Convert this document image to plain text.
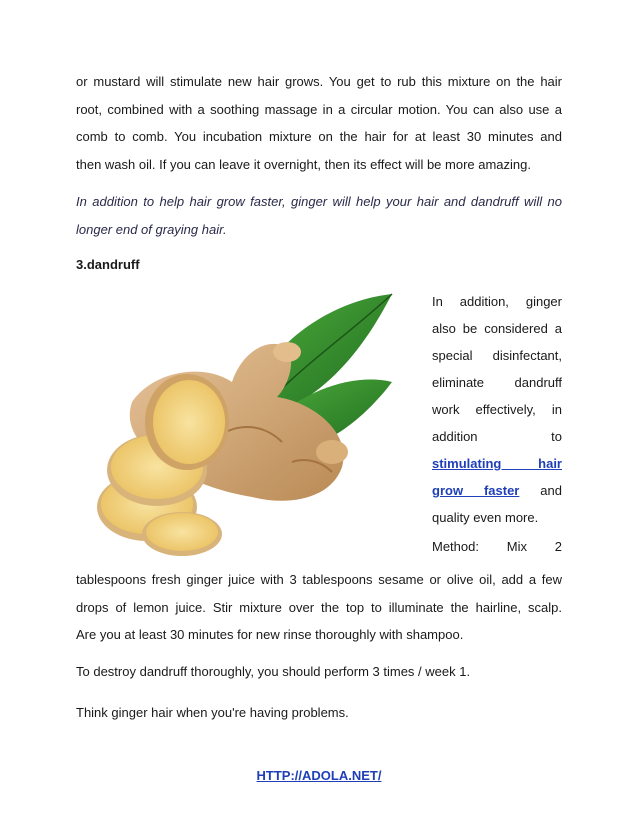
or mustard will stimulate new hair grows. You get to rub this mixture on the hair
root, combined with a soothing massage in a circular motion. You can also use a
comb to comb. You incubation mixture on the hair for at least 30 minutes and
then wash oil. If you can leave it overnight, then its effect will be more amazing.
In addition to help hair grow faster, ginger will help your hair and dandruff will no
longer end of graying hair.

3.dandruff

In addition, ginger
also be considered a
special disinfectant,
eliminate dandruff
work effectively, in
addition to
stimulating hair
grow faster and
quality even more.
Method: Mix 2
tablespoons fresh ginger juice with 3 tablespoons sesame or olive oil, add a few
drops of lemon juice. Stir mixture over the top to illuminate the hairline, scalp.
Are you at least 30 minutes for new rinse thoroughly with shampoo.

To destroy dandruff thoroughly, you should perform 3 times / week 1.

Think ginger hair when you're having problems.

HTTP://ADOLA.NET/
